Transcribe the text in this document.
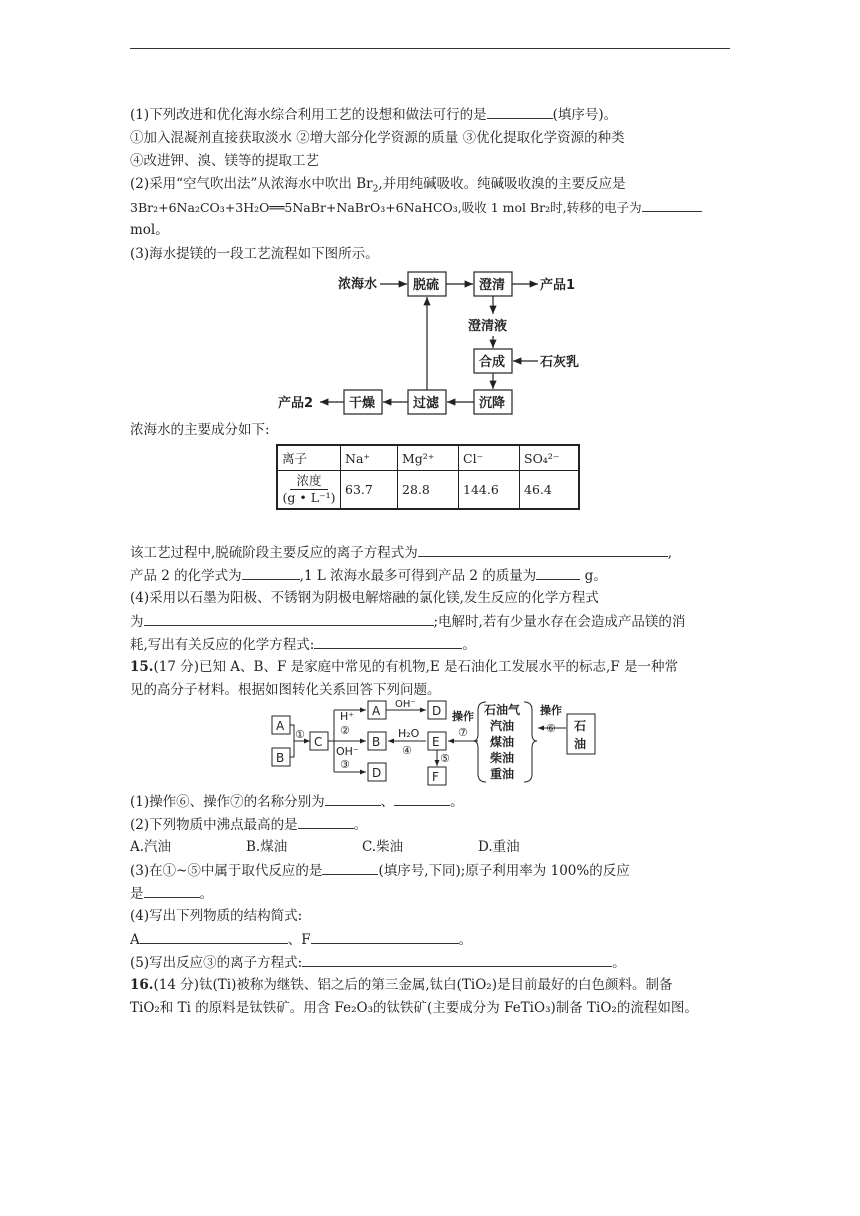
(1)下列改进和优化海水综合利用工艺的设想和做法可行的是	(填序号)。
①加入混凝剂直接获取淡水 ②增大部分化学资源的质量 ③优化提取化学资源的种类
④改进钾、溴、镁等的提取工艺
(2)采用“空气吹出法”从浓海水中吹出 $Br_2$,并用纯碱吸收。纯碱吸收溴的主要反应是
3Br₂+6Na₂CO₃+3H₂O══5NaBr+NaBrO₃+6NaHCO₃,吸收 1 mol Br₂时,转移的电子为
mol。
(3)海水提镁的一段工艺流程如下图所示。
浓海水	脱硫	澄清	产品1
澄清液
合成	石灰乳
沉降
过滤
干燥
产品2
浓海水的主要成分如下:
离子	Na⁺	Mg²⁺	Cl⁻	SO₄²⁻
浓度
(g • L⁻¹)	63.7	28.8	144.6	46.4
该工艺过程中,脱硫阶段主要反应的离子方程式为	,
产品 2 的化学式为	,1 L 浓海水最多可得到产品 2 的质量为	g。
(4)采用以石墨为阳极、不锈钢为阴极电解熔融的氯化镁,发生反应的化学方程式
为	;电解时,若有少量水存在会造成产品镁的消
耗,写出有关反应的化学方程式:	。
15.(17 分)已知 A、B、F 是家庭中常见的有机物,E 是石油化工发展水平的标志,F 是一种常
见的高分子材料。根据如图转化关系回答下列问题。
A
B
①
C
H⁺
②
OH⁻
③
A
B
D
OH⁻ D
H₂O
④
E
⑤
F
操作
⑦
石油气
汽油
煤油
柴油
重油
操作
⑥ 石
油
(1)操作⑥、操作⑦的名称分别为	、	。
(2)下列物质中沸点最高的是	。
A.汽油	B.煤油	C.柴油	D.重油
(3)在①~⑤中属于取代反应的是	(填序号,下同);原子利用率为 100%的反应
是	。
(4)写出下列物质的结构简式:
A	、F	。
(5)写出反应③的离子方程式:	。
16.(14 分)钛(Ti)被称为继铁、铝之后的第三金属,钛白(TiO₂)是目前最好的白色颜料。制备
TiO₂和 Ti 的原料是钛铁矿。用含 Fe₂O₃的钛铁矿(主要成分为 FeTiO₃)制备 TiO₂的流程如图。
